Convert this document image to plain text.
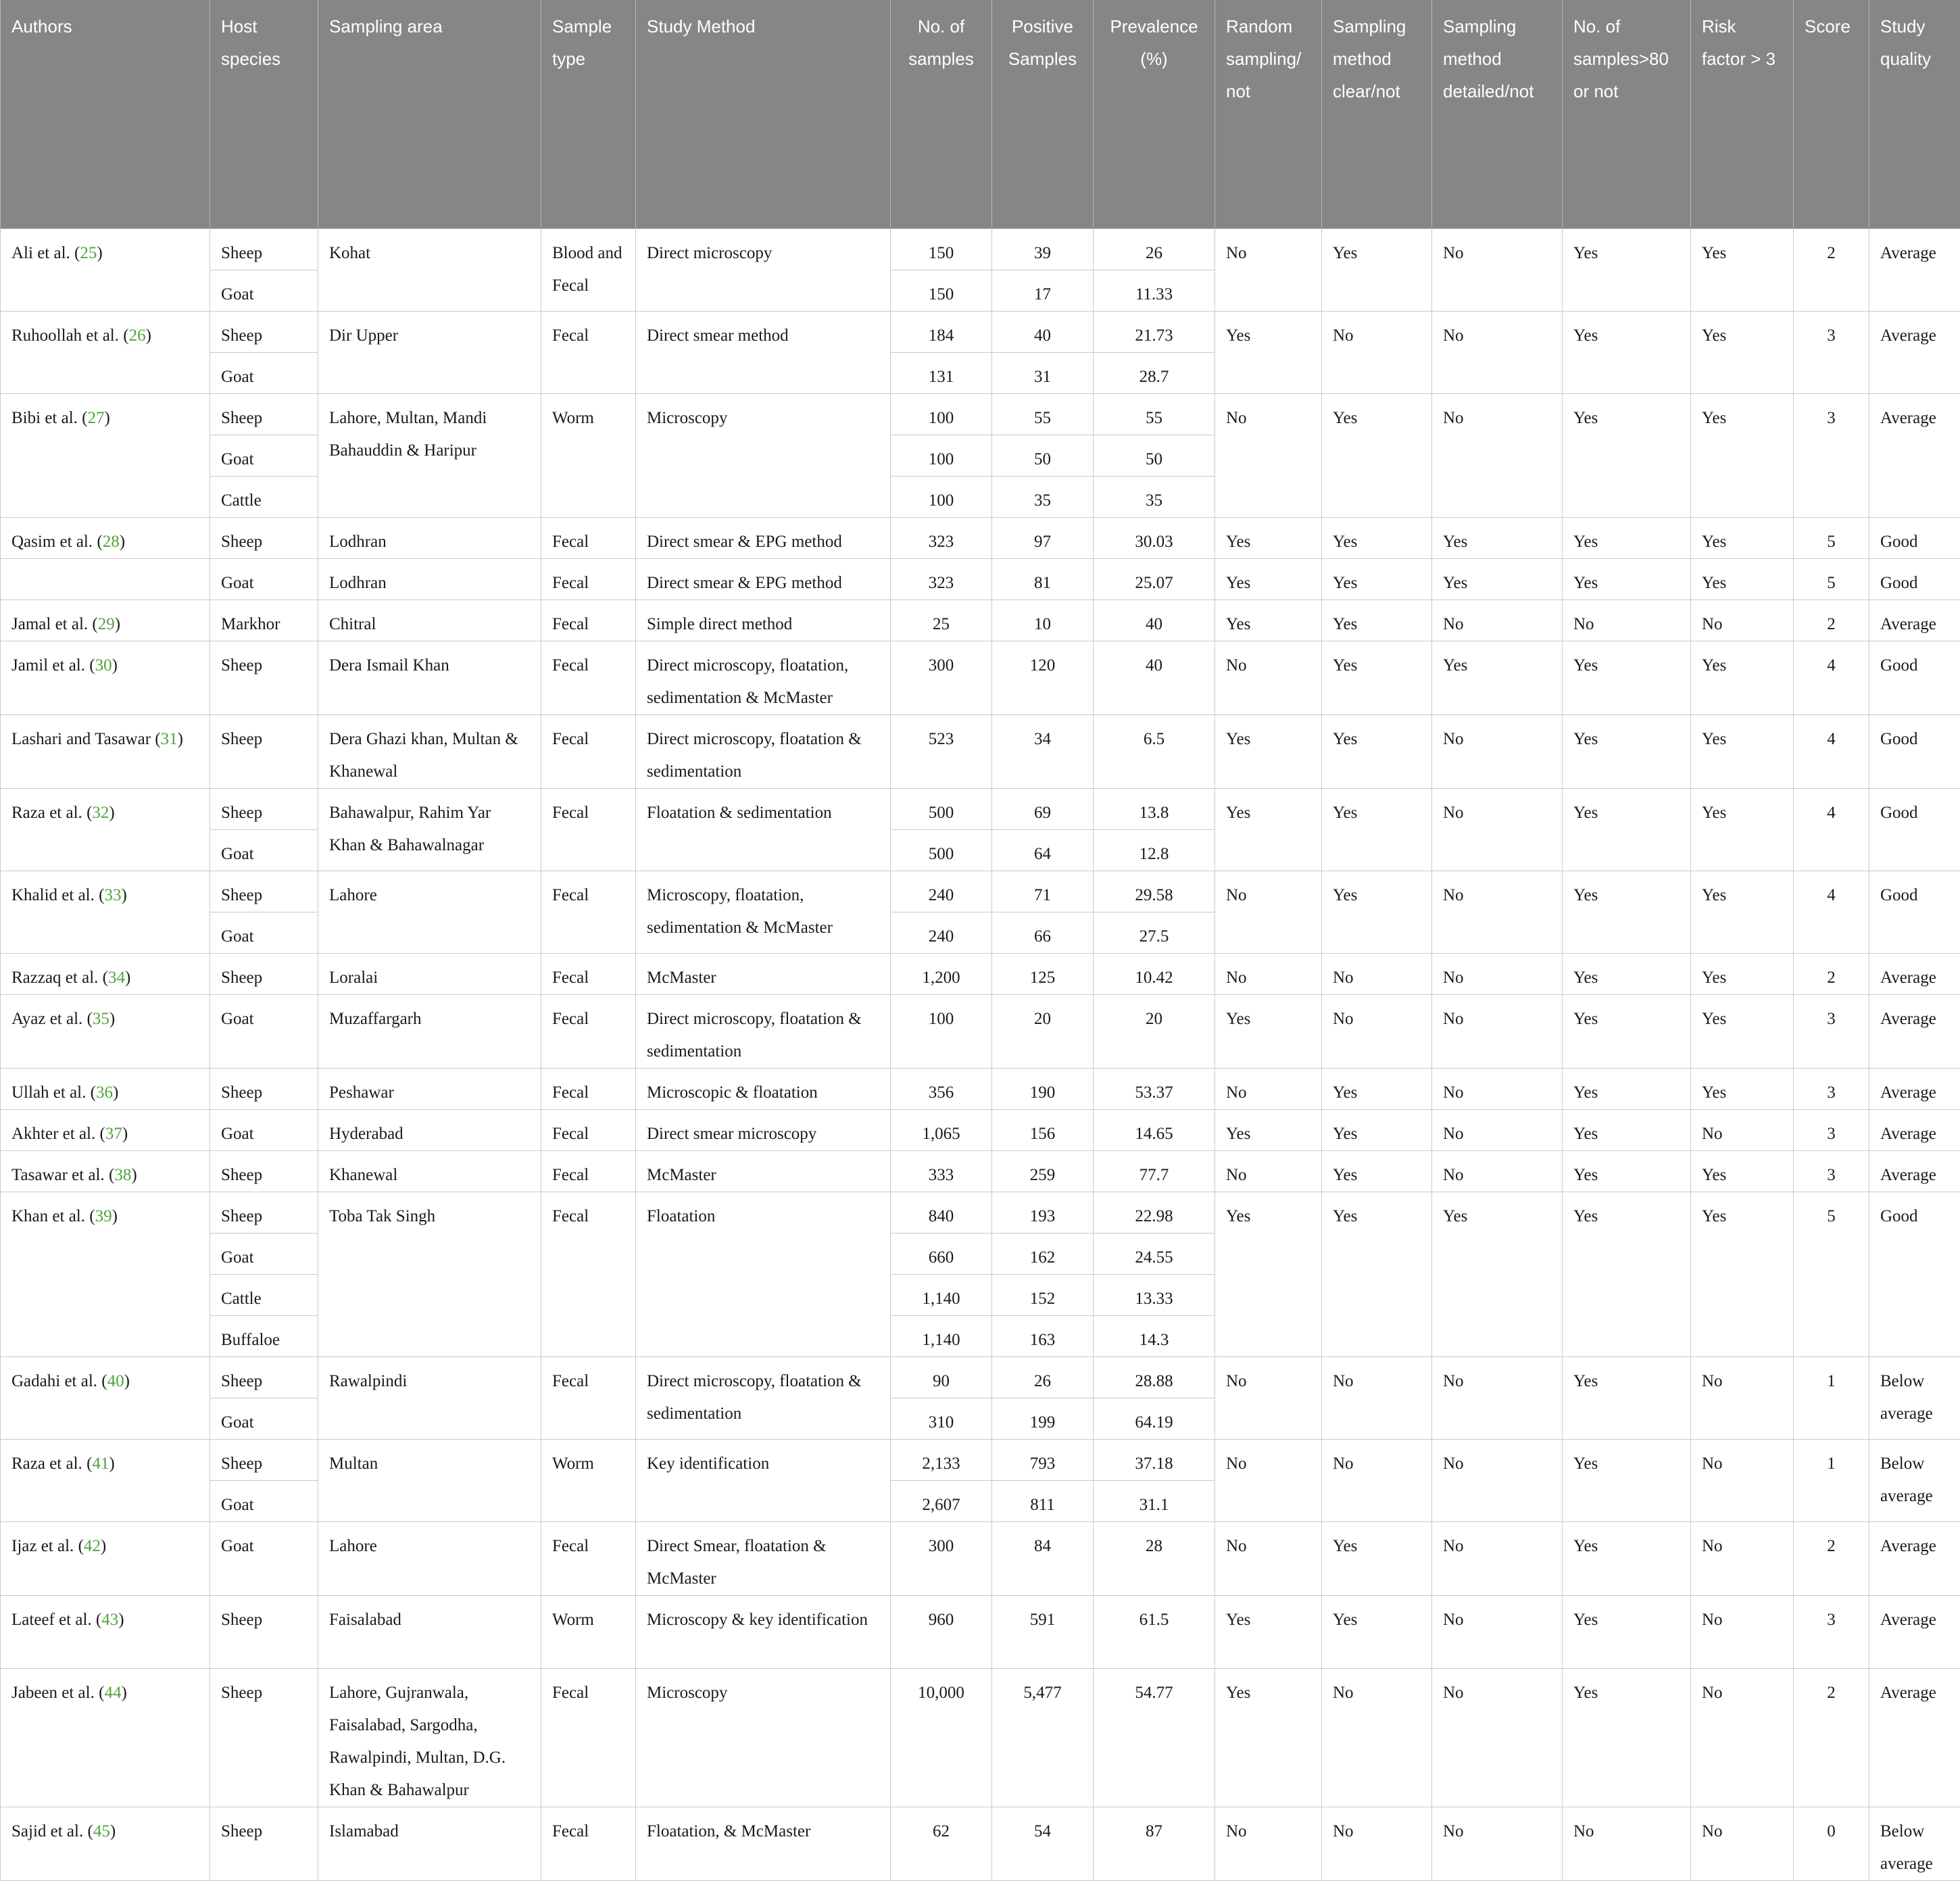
Authors	Host species	Sampling area	Sample type	Study Method	No. of samples	Positive Samples	Prevalence (%)	Random sampling/ not	Sampling method clear/not	Sampling method detailed/not	No. of samples>80 or not	Risk factor > 3	Score	Study quality
Ali et al. (25)	Sheep	Kohat	Blood and Fecal	Direct microscopy	150	39	26	No	Yes	No	Yes	Yes	2	Average
	Goat				150	17	11.33							
Ruhoollah et al. (26)	Sheep	Dir Upper	Fecal	Direct smear method	184	40	21.73	Yes	No	No	Yes	Yes	3	Average
	Goat				131	31	28.7							
Bibi et al. (27)	Sheep	Lahore, Multan, Mandi Bahauddin & Haripur	Worm	Microscopy	100	55	55	No	Yes	No	Yes	Yes	3	Average
	Goat				100	50	50							
	Cattle				100	35	35							
Qasim et al. (28)	Sheep	Lodhran	Fecal	Direct smear & EPG method	323	97	30.03	Yes	Yes	Yes	Yes	Yes	5	Good
	Goat	Lodhran	Fecal	Direct smear & EPG method	323	81	25.07	Yes	Yes	Yes	Yes	Yes	5	Good
Jamal et al. (29)	Markhor	Chitral	Fecal	Simple direct method	25	10	40	Yes	Yes	No	No	No	2	Average
Jamil et al. (30)	Sheep	Dera Ismail Khan	Fecal	Direct microscopy, floatation, sedimentation & McMaster	300	120	40	No	Yes	Yes	Yes	Yes	4	Good
Lashari and Tasawar (31)	Sheep	Dera Ghazi khan, Multan & Khanewal	Fecal	Direct microscopy, floatation & sedimentation	523	34	6.5	Yes	Yes	No	Yes	Yes	4	Good
Raza et al. (32)	Sheep	Bahawalpur, Rahim Yar Khan & Bahawalnagar	Fecal	Floatation & sedimentation	500	69	13.8	Yes	Yes	No	Yes	Yes	4	Good
	Goat				500	64	12.8							
Khalid et al. (33)	Sheep	Lahore	Fecal	Microscopy, floatation, sedimentation & McMaster	240	71	29.58	No	Yes	No	Yes	Yes	4	Good
	Goat				240	66	27.5							
Razzaq et al. (34)	Sheep	Loralai	Fecal	McMaster	1,200	125	10.42	No	No	No	Yes	Yes	2	Average
Ayaz et al. (35)	Goat	Muzaffargarh	Fecal	Direct microscopy, floatation & sedimentation	100	20	20	Yes	No	No	Yes	Yes	3	Average
Ullah et al. (36)	Sheep	Peshawar	Fecal	Microscopic & floatation	356	190	53.37	No	Yes	No	Yes	Yes	3	Average
Akhter et al. (37)	Goat	Hyderabad	Fecal	Direct smear microscopy	1,065	156	14.65	Yes	Yes	No	Yes	No	3	Average
Tasawar et al. (38)	Sheep	Khanewal	Fecal	McMaster	333	259	77.7	No	Yes	No	Yes	Yes	3	Average
Khan et al. (39)	Sheep	Toba Tak Singh	Fecal	Floatation	840	193	22.98	Yes	Yes	Yes	Yes	Yes	5	Good
	Goat				660	162	24.55							
	Cattle				1,140	152	13.33							
	Buffaloe				1,140	163	14.3							
Gadahi et al. (40)	Sheep	Rawalpindi	Fecal	Direct microscopy, floatation & sedimentation	90	26	28.88	No	No	No	Yes	No	1	Below average
	Goat				310	199	64.19							
Raza et al. (41)	Sheep	Multan	Worm	Key identification	2,133	793	37.18	No	No	No	Yes	No	1	Below average
	Goat				2,607	811	31.1							
Ijaz et al. (42)	Goat	Lahore	Fecal	Direct Smear, floatation & McMaster	300	84	28	No	Yes	No	Yes	No	2	Average
Lateef et al. (43)	Sheep	Faisalabad	Worm	Microscopy & key identification	960	591	61.5	Yes	Yes	No	Yes	No	3	Average
Jabeen et al. (44)	Sheep	Lahore, Gujranwala, Faisalabad, Sargodha, Rawalpindi, Multan, D.G. Khan & Bahawalpur	Fecal	Microscopy	10,000	5,477	54.77	Yes	No	No	Yes	No	2	Average
Sajid et al. (45)	Sheep	Islamabad	Fecal	Floatation, & McMaster	62	54	87	No	No	No	No	No	0	Below average
